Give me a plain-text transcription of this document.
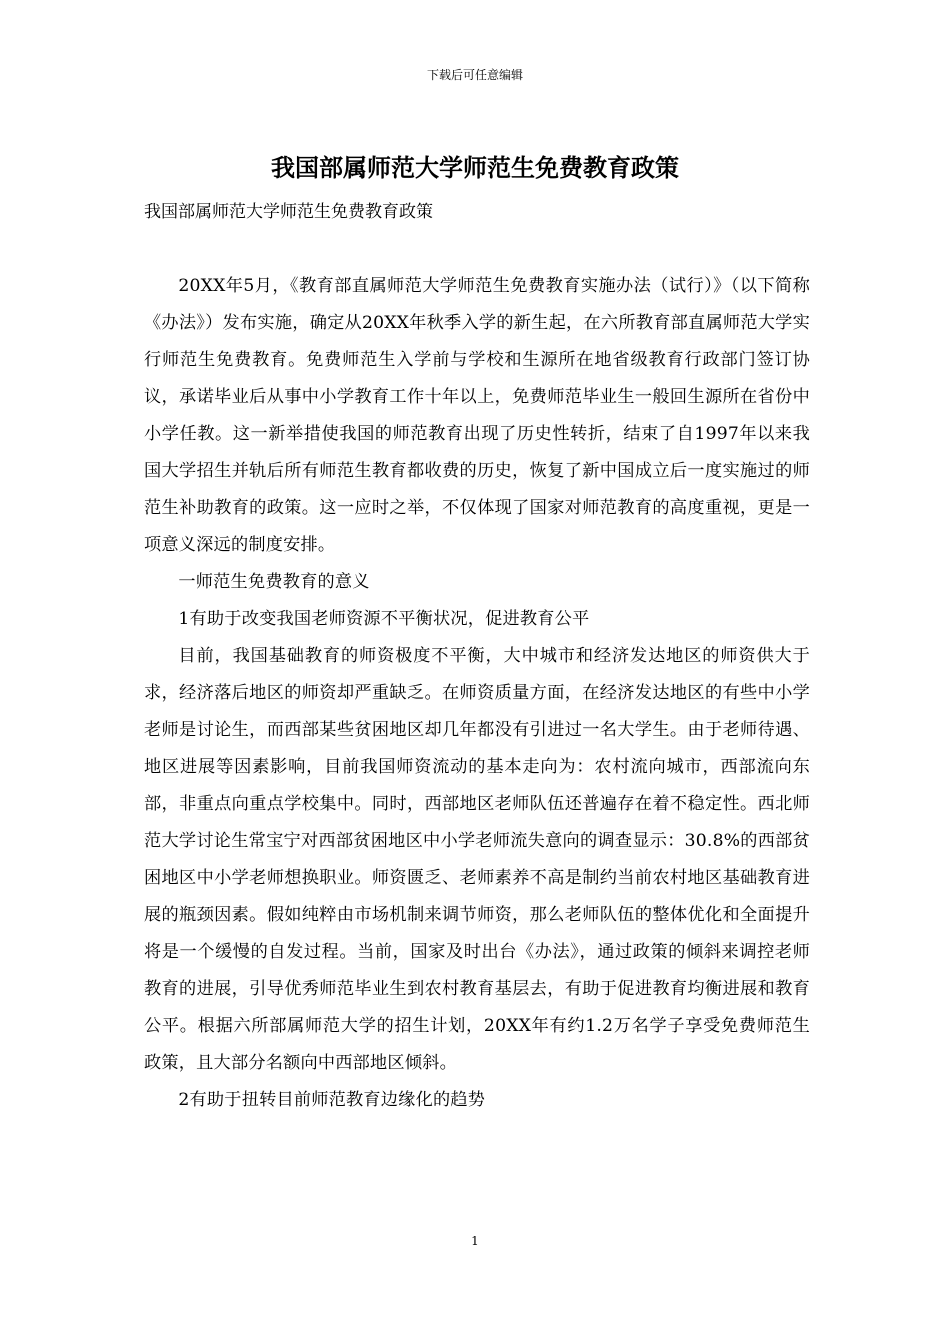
下载后可任意编辑
我国部属师范大学师范生免费教育政策
我国部属师范大学师范生免费教育政策

20XX年5月，《教育部直属师范大学师范生免费教育实施办法（试行）》（以下简称《办法》）发布实施，确定从20XX年秋季入学的新生起，在六所教育部直属师范大学实行师范生免费教育。免费师范生入学前与学校和生源所在地省级教育行政部门签订协议，承诺毕业后从事中小学教育工作十年以上，免费师范毕业生一般回生源所在省份中小学任教。这一新举措使我国的师范教育出现了历史性转折，结束了自1997年以来我国大学招生并轨后所有师范生教育都收费的历史，恢复了新中国成立后一度实施过的师范生补助教育的政策。这一应时之举，不仅体现了国家对师范教育的高度重视，更是一项意义深远的制度安排。

一师范生免费教育的意义

1有助于改变我国老师资源不平衡状况，促进教育公平

目前，我国基础教育的师资极度不平衡，大中城市和经济发达地区的师资供大于求，经济落后地区的师资却严重缺乏。在师资质量方面，在经济发达地区的有些中小学老师是讨论生，而西部某些贫困地区却几年都没有引进过一名大学生。由于老师待遇、地区进展等因素影响，目前我国师资流动的基本走向为：农村流向城市，西部流向东部，非重点向重点学校集中。同时，西部地区老师队伍还普遍存在着不稳定性。西北师范大学讨论生常宝宁对西部贫困地区中小学老师流失意向的调查显示：30.8%的西部贫困地区中小学老师想换职业。师资匮乏、老师素养不高是制约当前农村地区基础教育进展的瓶颈因素。假如纯粹由市场机制来调节师资，那么老师队伍的整体优化和全面提升将是一个缓慢的自发过程。当前，国家及时出台《办法》，通过政策的倾斜来调控老师教育的进展，引导优秀师范毕业生到农村教育基层去，有助于促进教育均衡进展和教育公平。根据六所部属师范大学的招生计划，20XX年有约1.2万名学子享受免费师范生政策，且大部分名额向中西部地区倾斜。

2有助于扭转目前师范教育边缘化的趋势

1
